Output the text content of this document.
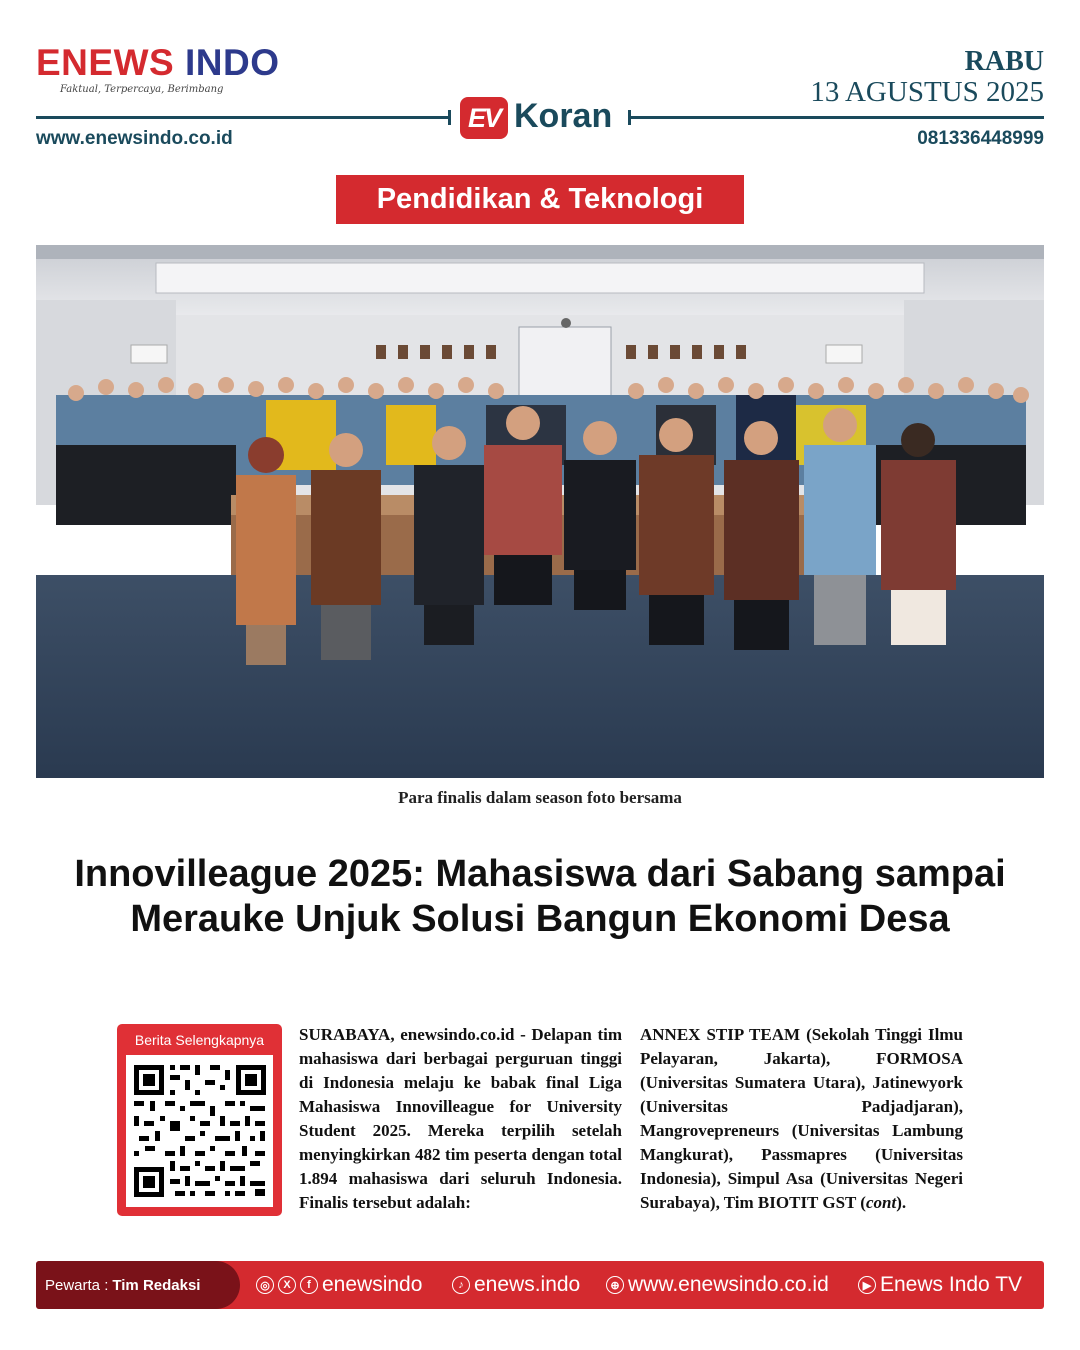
ENEWS INDO
Faktual, Terpercaya, Berimbang
RABU
13 AGUSTUS 2025
EV Koran
www.enewsindo.co.id	081336448999
Pendidikan & Teknologi
Para finalis dalam season foto bersama
Innovilleague 2025: Mahasiswa dari Sabang sampai Merauke Unjuk Solusi Bangun Ekonomi Desa
Berita Selengkapnya	SURABAYA, enewsindo.co.id - Delapan tim mahasiswa dari berbagai perguruan tinggi di Indonesia melaju ke babak final Liga Mahasiswa Innovilleague for University Student 2025. Mereka terpilih setelah menyingkirkan 482 tim peserta dengan total 1.894 mahasiswa dari seluruh Indonesia. Finalis tersebut adalah:
ANNEX STIP TEAM (Sekolah Tinggi Ilmu Pelayaran, Jakarta), FORMOSA (Universitas Sumatera Utara), Jatinewyork (Universitas Padjadjaran), Mangrovepreneurs (Universitas Lambung Mangkurat), Passmapres (Universitas Indonesia), Simpul Asa (Universitas Negeri Surabaya), Tim BIOTIT GST (cont).
Pewarta : Tim Redaksi	◎	X	f enewsindo	♪ enews.indo	⊕ www.enewsindo.co.id	▶ Enews Indo TV
